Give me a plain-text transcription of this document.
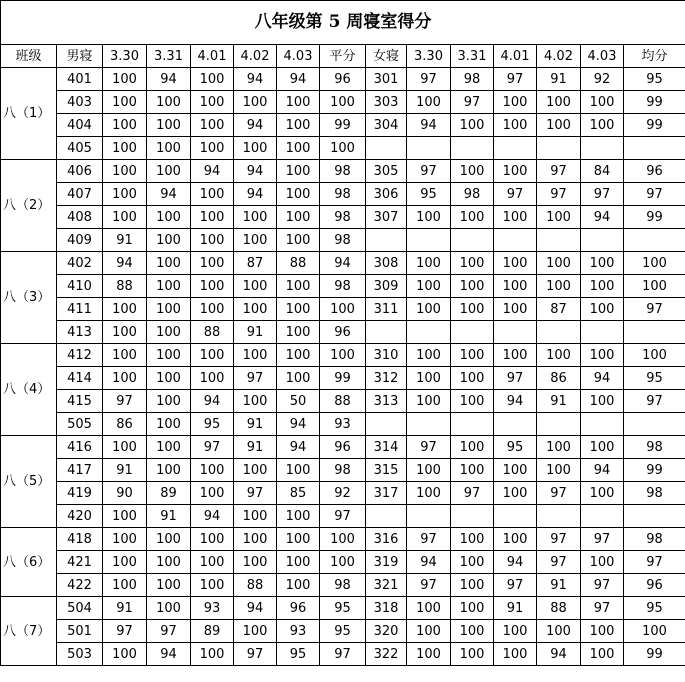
八年级第 5 周寝室得分														
班级	男寝	3.30	3.31	4.01	4.02	4.03	平分	女寝	3.30	3.31	4.01	4.02	4.03	均分
八（1）	401	100	94	100	94	94	96	301	97	98	97	91	92	95
	403	100	100	100	100	100	100	303	100	97	100	100	100	99
	404	100	100	100	94	100	99	304	94	100	100	100	100	99
	405	100	100	100	100	100	100							
八（2）	406	100	100	94	94	100	98	305	97	100	100	97	84	96
	407	100	94	100	94	100	98	306	95	98	97	97	97	97
	408	100	100	100	100	100	98	307	100	100	100	100	94	99
	409	91	100	100	100	100	98							
八（3）	402	94	100	100	87	88	94	308	100	100	100	100	100	100
	410	88	100	100	100	100	98	309	100	100	100	100	100	100
	411	100	100	100	100	100	100	311	100	100	100	87	100	97
	413	100	100	88	91	100	96							
八（4）	412	100	100	100	100	100	100	310	100	100	100	100	100	100
	414	100	100	100	97	100	99	312	100	100	97	86	94	95
	415	97	100	94	100	50	88	313	100	100	94	91	100	97
	505	86	100	95	91	94	93							
八（5）	416	100	100	97	91	94	96	314	97	100	95	100	100	98
	417	91	100	100	100	100	98	315	100	100	100	100	94	99
	419	90	89	100	97	85	92	317	100	97	100	97	100	98
	420	100	91	94	100	100	97							
八（6）	418	100	100	100	100	100	100	316	97	100	100	97	97	98
	421	100	100	100	100	100	100	319	94	100	94	97	100	97
	422	100	100	100	88	100	98	321	97	100	97	91	97	96
八（7）	504	91	100	93	94	96	95	318	100	100	91	88	97	95
	501	97	97	89	100	93	95	320	100	100	100	100	100	100
	503	100	94	100	97	95	97	322	100	100	100	94	100	99
